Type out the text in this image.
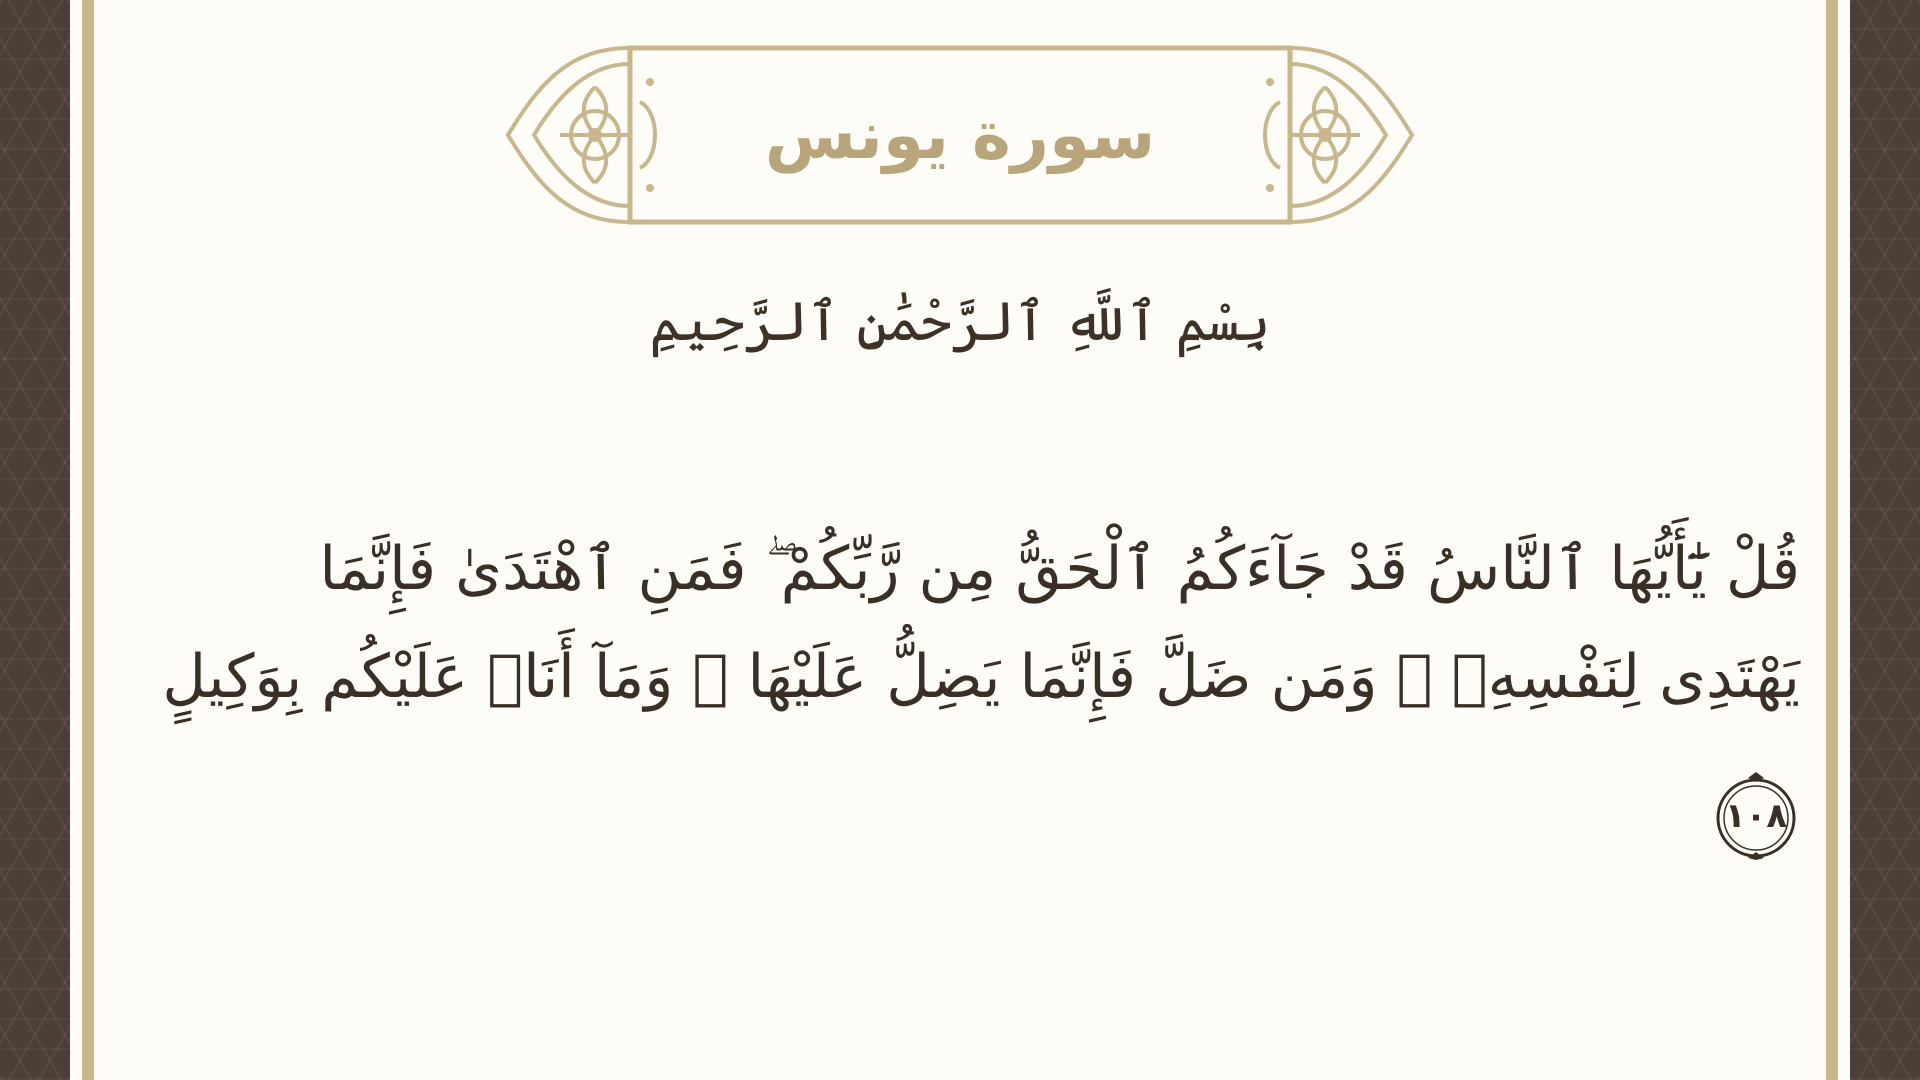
سورة يونس
بِسْمِ ٱللَّهِ ٱلرَّحْمَٰنِ ٱلرَّحِيمِ
قُلْ يَٰٓأَيُّهَا ٱلنَّاسُ قَدْ جَآءَكُمُ ٱلْحَقُّ مِن رَّبِّكُمْ ۖ فَمَنِ ٱهْتَدَىٰ فَإِنَّمَا
يَهْتَدِى لِنَفْسِهِۦ ۖ وَمَن ضَلَّ فَإِنَّمَا يَضِلُّ عَلَيْهَا ۖ وَمَآ أَنَا۠ عَلَيْكُم بِوَكِيلٍ
١٠٨
